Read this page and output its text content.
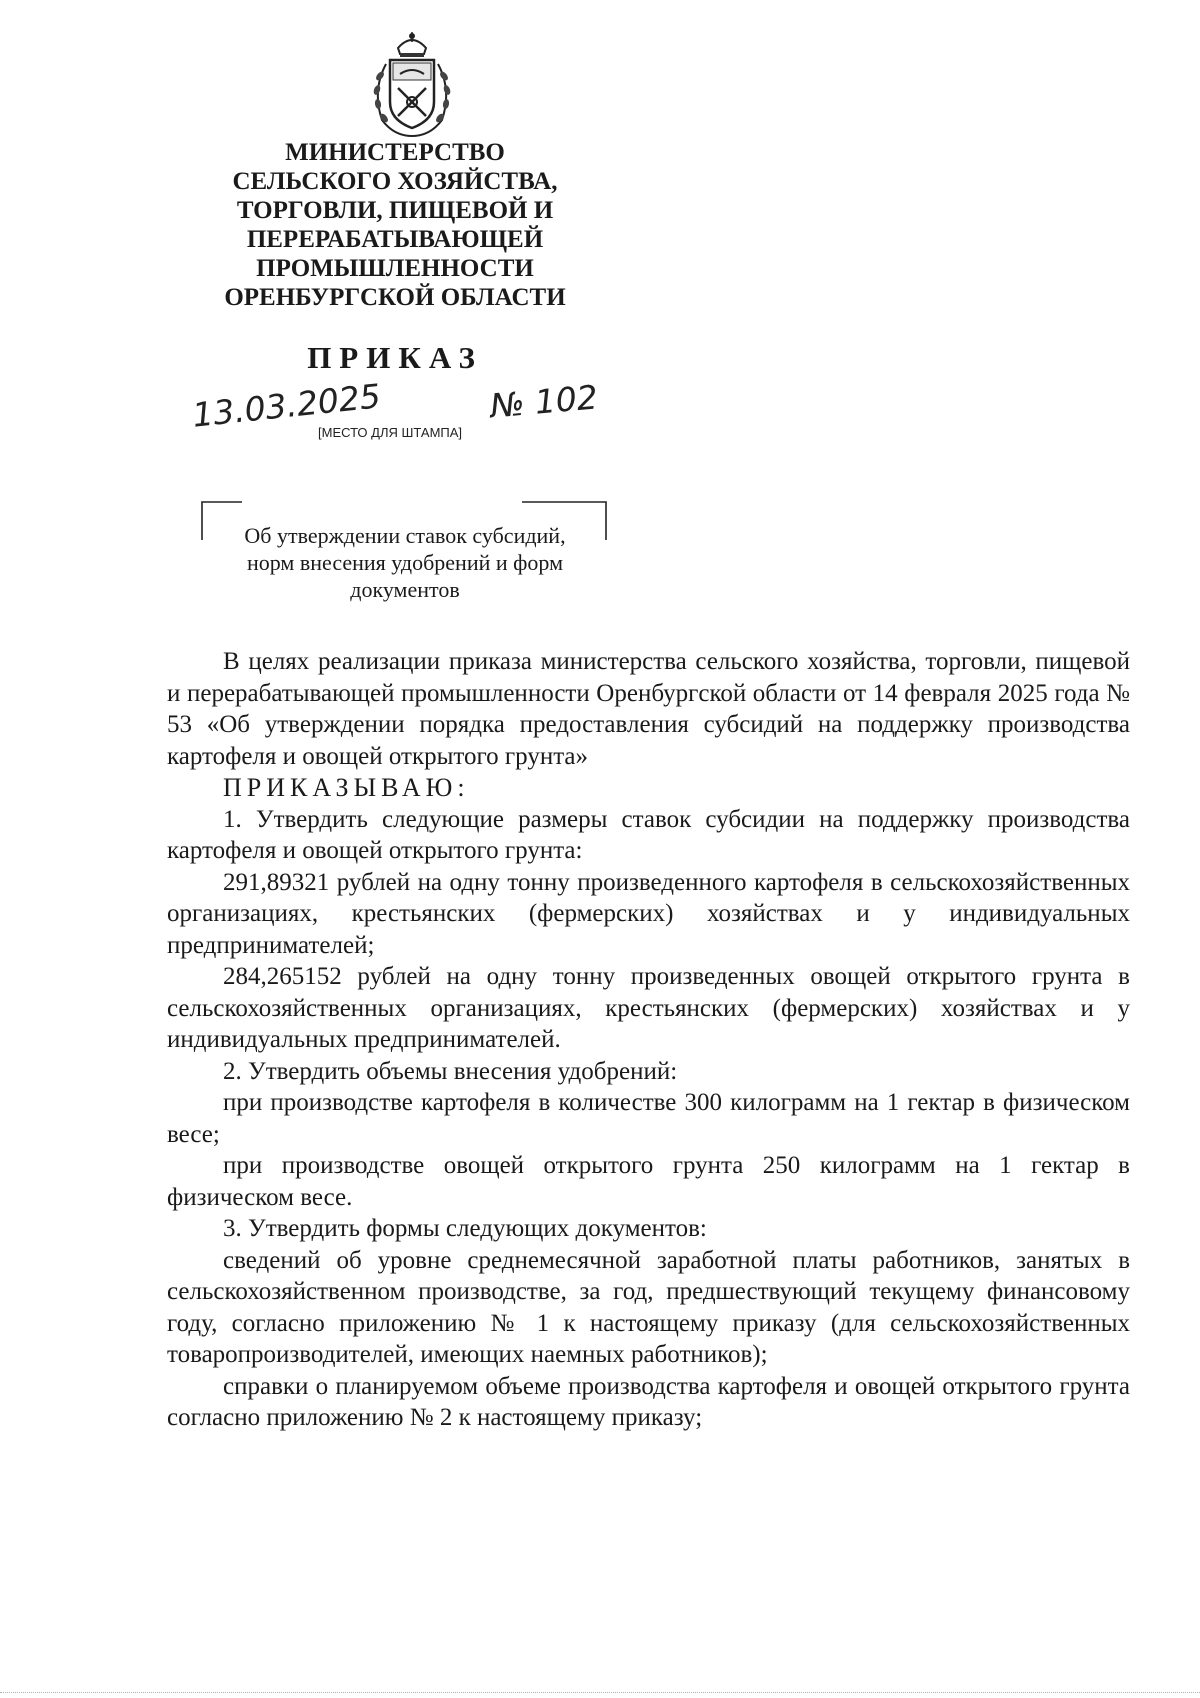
МИНИСТЕРСТВО
СЕЛЬСКОГО ХОЗЯЙСТВА,
ТОРГОВЛИ, ПИЩЕВОЙ И
ПЕРЕРАБАТЫВАЮЩЕЙ
ПРОМЫШЛЕННОСТИ
ОРЕНБУРГСКОЙ ОБЛАСТИ
ПРИКАЗ
13.03.2025	№ 102
[МЕСТО ДЛЯ ШТАМПА]
Об утверждении ставок субсидий,
норм внесения удобрений и форм
документов

В целях реализации приказа министерства сельского хозяйства, торговли, пищевой и перерабатывающей промышленности Оренбургской области от 14 февраля 2025 года № 53 «Об утверждении порядка предоставления субсидий на поддержку производства картофеля и овощей открытого грунта»

ПРИКАЗЫВАЮ:

1. Утвердить следующие размеры ставок субсидии на поддержку производства картофеля и овощей открытого грунта:

291,89321 рублей на одну тонну произведенного картофеля в сельскохозяйственных организациях, крестьянских (фермерских) хозяйствах и у индивидуальных предпринимателей;

284,265152 рублей на одну тонну произведенных овощей открытого грунта в сельскохозяйственных организациях, крестьянских (фермерских) хозяйствах и у индивидуальных предпринимателей.

2. Утвердить объемы внесения удобрений:

при производстве картофеля в количестве 300 килограмм на 1 гектар в физическом весе;

при производстве овощей открытого грунта 250 килограмм на 1 гектар в физическом весе.

3. Утвердить формы следующих документов:

сведений об уровне среднемесячной заработной платы работников, занятых в сельскохозяйственном производстве, за год, предшествующий текущему финансовому году, согласно приложению № 1 к настоящему приказу (для сельскохозяйственных товаропроизводителей, имеющих наемных работников);

справки о планируемом объеме производства картофеля и овощей открытого грунта согласно приложению № 2 к настоящему приказу;
